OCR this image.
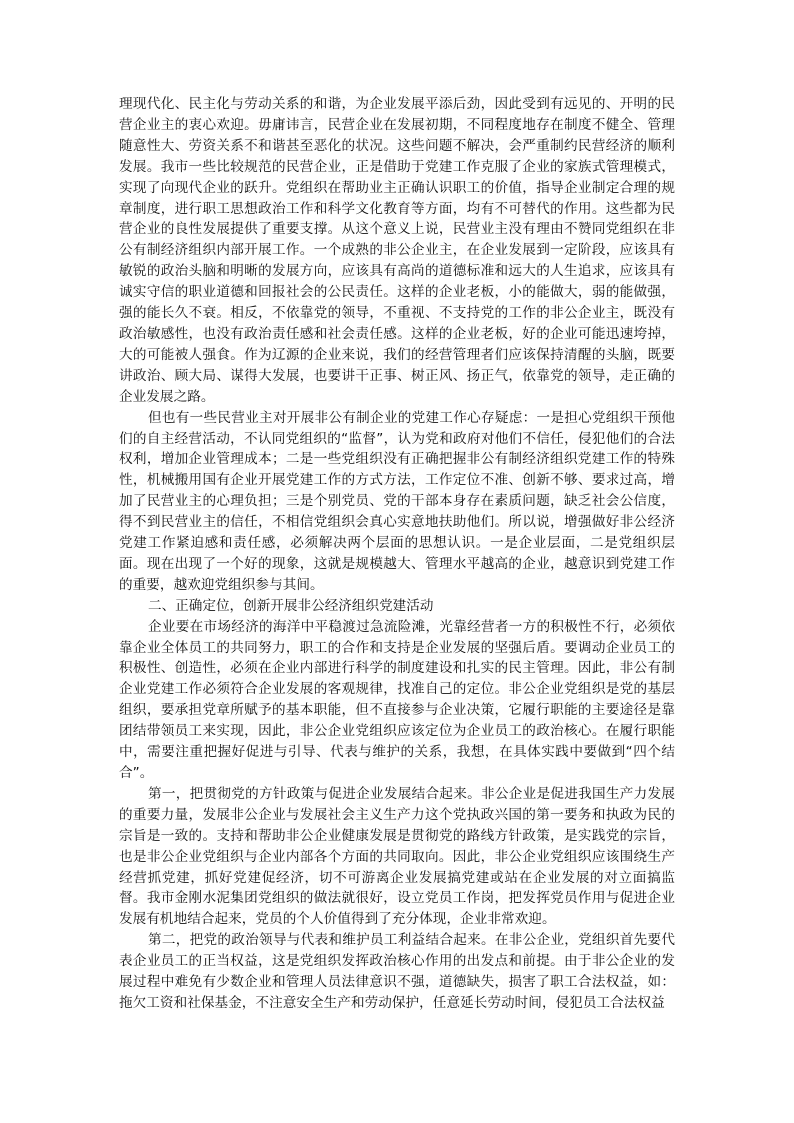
理现代化、民主化与劳动关系的和谐，为企业发展平添后劲，因此受到有远见的、开明的民营企业主的衷心欢迎。毋庸讳言，民营企业在发展初期，不同程度地存在制度不健全、管理随意性大、劳资关系不和谐甚至恶化的状况。这些问题不解决，会严重制约民营经济的顺利发展。我市一些比较规范的民营企业，正是借助于党建工作克服了企业的家族式管理模式，实现了向现代企业的跃升。党组织在帮助业主正确认识职工的价值，指导企业制定合理的规章制度，进行职工思想政治工作和科学文化教育等方面，均有不可替代的作用。这些都为民营企业的良性发展提供了重要支撑。从这个意义上说，民营业主没有理由不赞同党组织在非公有制经济组织内部开展工作。一个成熟的非公企业主，在企业发展到一定阶段，应该具有敏锐的政治头脑和明晰的发展方向，应该具有高尚的道德标准和远大的人生追求，应该具有诚实守信的职业道德和回报社会的公民责任。这样的企业老板，小的能做大，弱的能做强，强的能长久不衰。相反，不依靠党的领导，不重视、不支持党的工作的非公企业主，既没有政治敏感性，也没有政治责任感和社会责任感。这样的企业老板，好的企业可能迅速垮掉，大的可能被人强食。作为辽源的企业来说，我们的经营管理者们应该保持清醒的头脑，既要讲政治、顾大局、谋得大发展，也要讲干正事、树正风、扬正气，依靠党的领导，走正确的企业发展之路。

但也有一些民营业主对开展非公有制企业的党建工作心存疑虑：一是担心党组织干预他们的自主经营活动，不认同党组织的“监督”，认为党和政府对他们不信任，侵犯他们的合法权利，增加企业管理成本；二是一些党组织没有正确把握非公有制经济组织党建工作的特殊性，机械搬用国有企业开展党建工作的方式方法，工作定位不准、创新不够、要求过高，增加了民营业主的心理负担；三是个别党员、党的干部本身存在素质问题，缺乏社会公信度，得不到民营业主的信任，不相信党组织会真心实意地扶助他们。所以说，增强做好非公经济党建工作紧迫感和责任感，必须解决两个层面的思想认识。一是企业层面，二是党组织层面。现在出现了一个好的现象，这就是规模越大、管理水平越高的企业，越意识到党建工作的重要，越欢迎党组织参与其间。

二、正确定位，创新开展非公经济组织党建活动

企业要在市场经济的海洋中平稳渡过急流险滩，光靠经营者一方的积极性不行，必须依靠企业全体员工的共同努力，职工的合作和支持是企业发展的坚强后盾。要调动企业员工的积极性、创造性，必须在企业内部进行科学的制度建设和扎实的民主管理。因此，非公有制企业党建工作必须符合企业发展的客观规律，找准自己的定位。非公企业党组织是党的基层组织，要承担党章所赋予的基本职能，但不直接参与企业决策，它履行职能的主要途径是靠团结带领员工来实现，因此，非公企业党组织应该定位为企业员工的政治核心。在履行职能中，需要注重把握好促进与引导、代表与维护的关系，我想，在具体实践中要做到“四个结合”。

第一，把贯彻党的方针政策与促进企业发展结合起来。非公企业是促进我国生产力发展的重要力量，发展非公企业与发展社会主义生产力这个党执政兴国的第一要务和执政为民的宗旨是一致的。支持和帮助非公企业健康发展是贯彻党的路线方针政策，是实践党的宗旨，也是非公企业党组织与企业内部各个方面的共同取向。因此，非公企业党组织应该围绕生产经营抓党建，抓好党建促经济，切不可游离企业发展搞党建或站在企业发展的对立面搞监督。我市金刚水泥集团党组织的做法就很好，设立党员工作岗，把发挥党员作用与促进企业发展有机地结合起来，党员的个人价值得到了充分体现，企业非常欢迎。

第二，把党的政治领导与代表和维护员工利益结合起来。在非公企业，党组织首先要代表企业员工的正当权益，这是党组织发挥政治核心作用的出发点和前提。由于非公企业的发展过程中难免有少数企业和管理人员法律意识不强，道德缺失，损害了职工合法权益，如：拖欠工资和社保基金，不注意安全生产和劳动保护，任意延长劳动时间，侵犯员工合法权益
